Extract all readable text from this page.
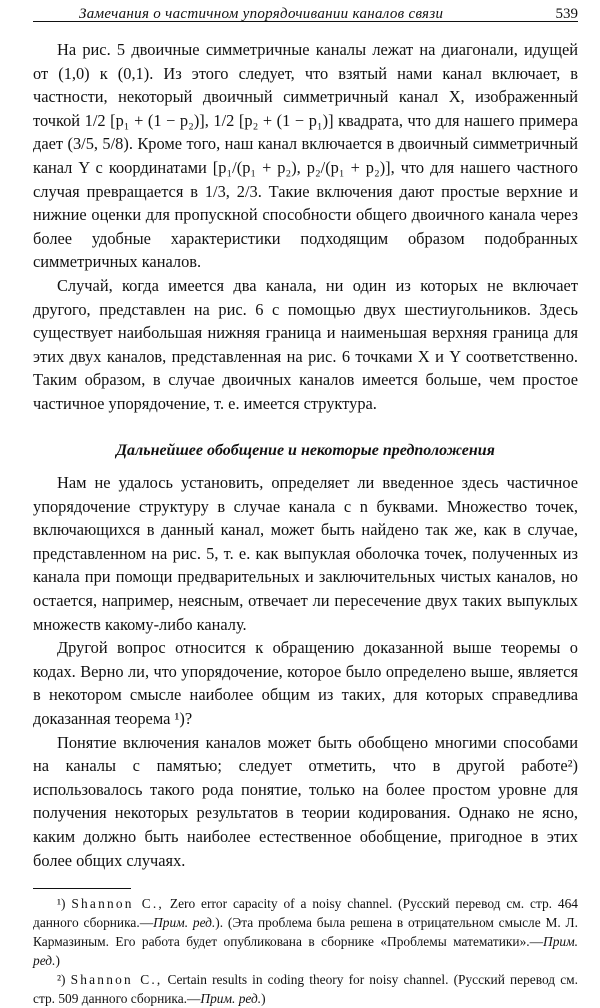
Замечания о частичном упорядочивании каналов связи	539

На рис. 5 двоичные симметричные каналы лежат на диагонали, идущей от (1,0) к (0,1). Из этого следует, что взятый нами канал включает, в частности, некоторый двоичный симметричный канал X, изображенный точкой 1/2 [p₁ + (1 − p₂)], 1/2 [p₂ + (1 − p₁)] квадрата, что для нашего примера дает (3/5, 5/8). Кроме того, наш канал включается в двоичный симметричный канал Y с координатами [p₁/(p₁ + p₂), p₂/(p₁ + p₂)], что для нашего частного случая превращается в 1/3, 2/3. Такие включения дают простые верхние и нижние оценки для пропускной способности общего двоичного канала через более удобные характеристики подходящим образом подобранных симметричных каналов.

Случай, когда имеется два канала, ни один из которых не включает другого, представлен на рис. 6 с помощью двух шестиугольников. Здесь существует наибольшая нижняя граница и наименьшая верхняя граница для этих двух каналов, представленная на рис. 6 точками X и Y соответственно. Таким образом, в случае двоичных каналов имеется больше, чем простое частичное упорядочение, т. е. имеется структура.

Дальнейшее обобщение и некоторые предположения

Нам не удалось установить, определяет ли введенное здесь частичное упорядочение структуру в случае канала с n буквами. Множество точек, включающихся в данный канал, может быть найдено так же, как в случае, представленном на рис. 5, т. е. как выпуклая оболочка точек, полученных из канала при помощи предварительных и заключительных чистых каналов, но остается, например, неясным, отвечает ли пересечение двух таких выпуклых множеств какому-либо каналу.

Другой вопрос относится к обращению доказанной выше теоремы о кодах. Верно ли, что упорядочение, которое было определено выше, является в некотором смысле наиболее общим из таких, для которых справедлива доказанная теорема ¹)?

Понятие включения каналов может быть обобщено многими способами на каналы с памятью; следует отметить, что в другой работе²) использовалось такого рода понятие, только на более простом уровне для получения некоторых результатов в теории кодирования. Однако не ясно, каким должно быть наиболее естественное обобщение, пригодное в этих более общих случаях.

¹) Shannon C., Zero error capacity of a noisy channel. (Русский перевод см. стр. 464 данного сборника.—Прим. ред.). (Эта проблема была решена в отрицательном смысле М. Л. Кармазиным. Его работа будет опубликована в сборнике «Проблемы математики».—Прим. ред.)

²) Shannon C., Certain results in coding theory for noisy channel. (Русский перевод см. стр. 509 данного сборника.—Прим. ред.)
